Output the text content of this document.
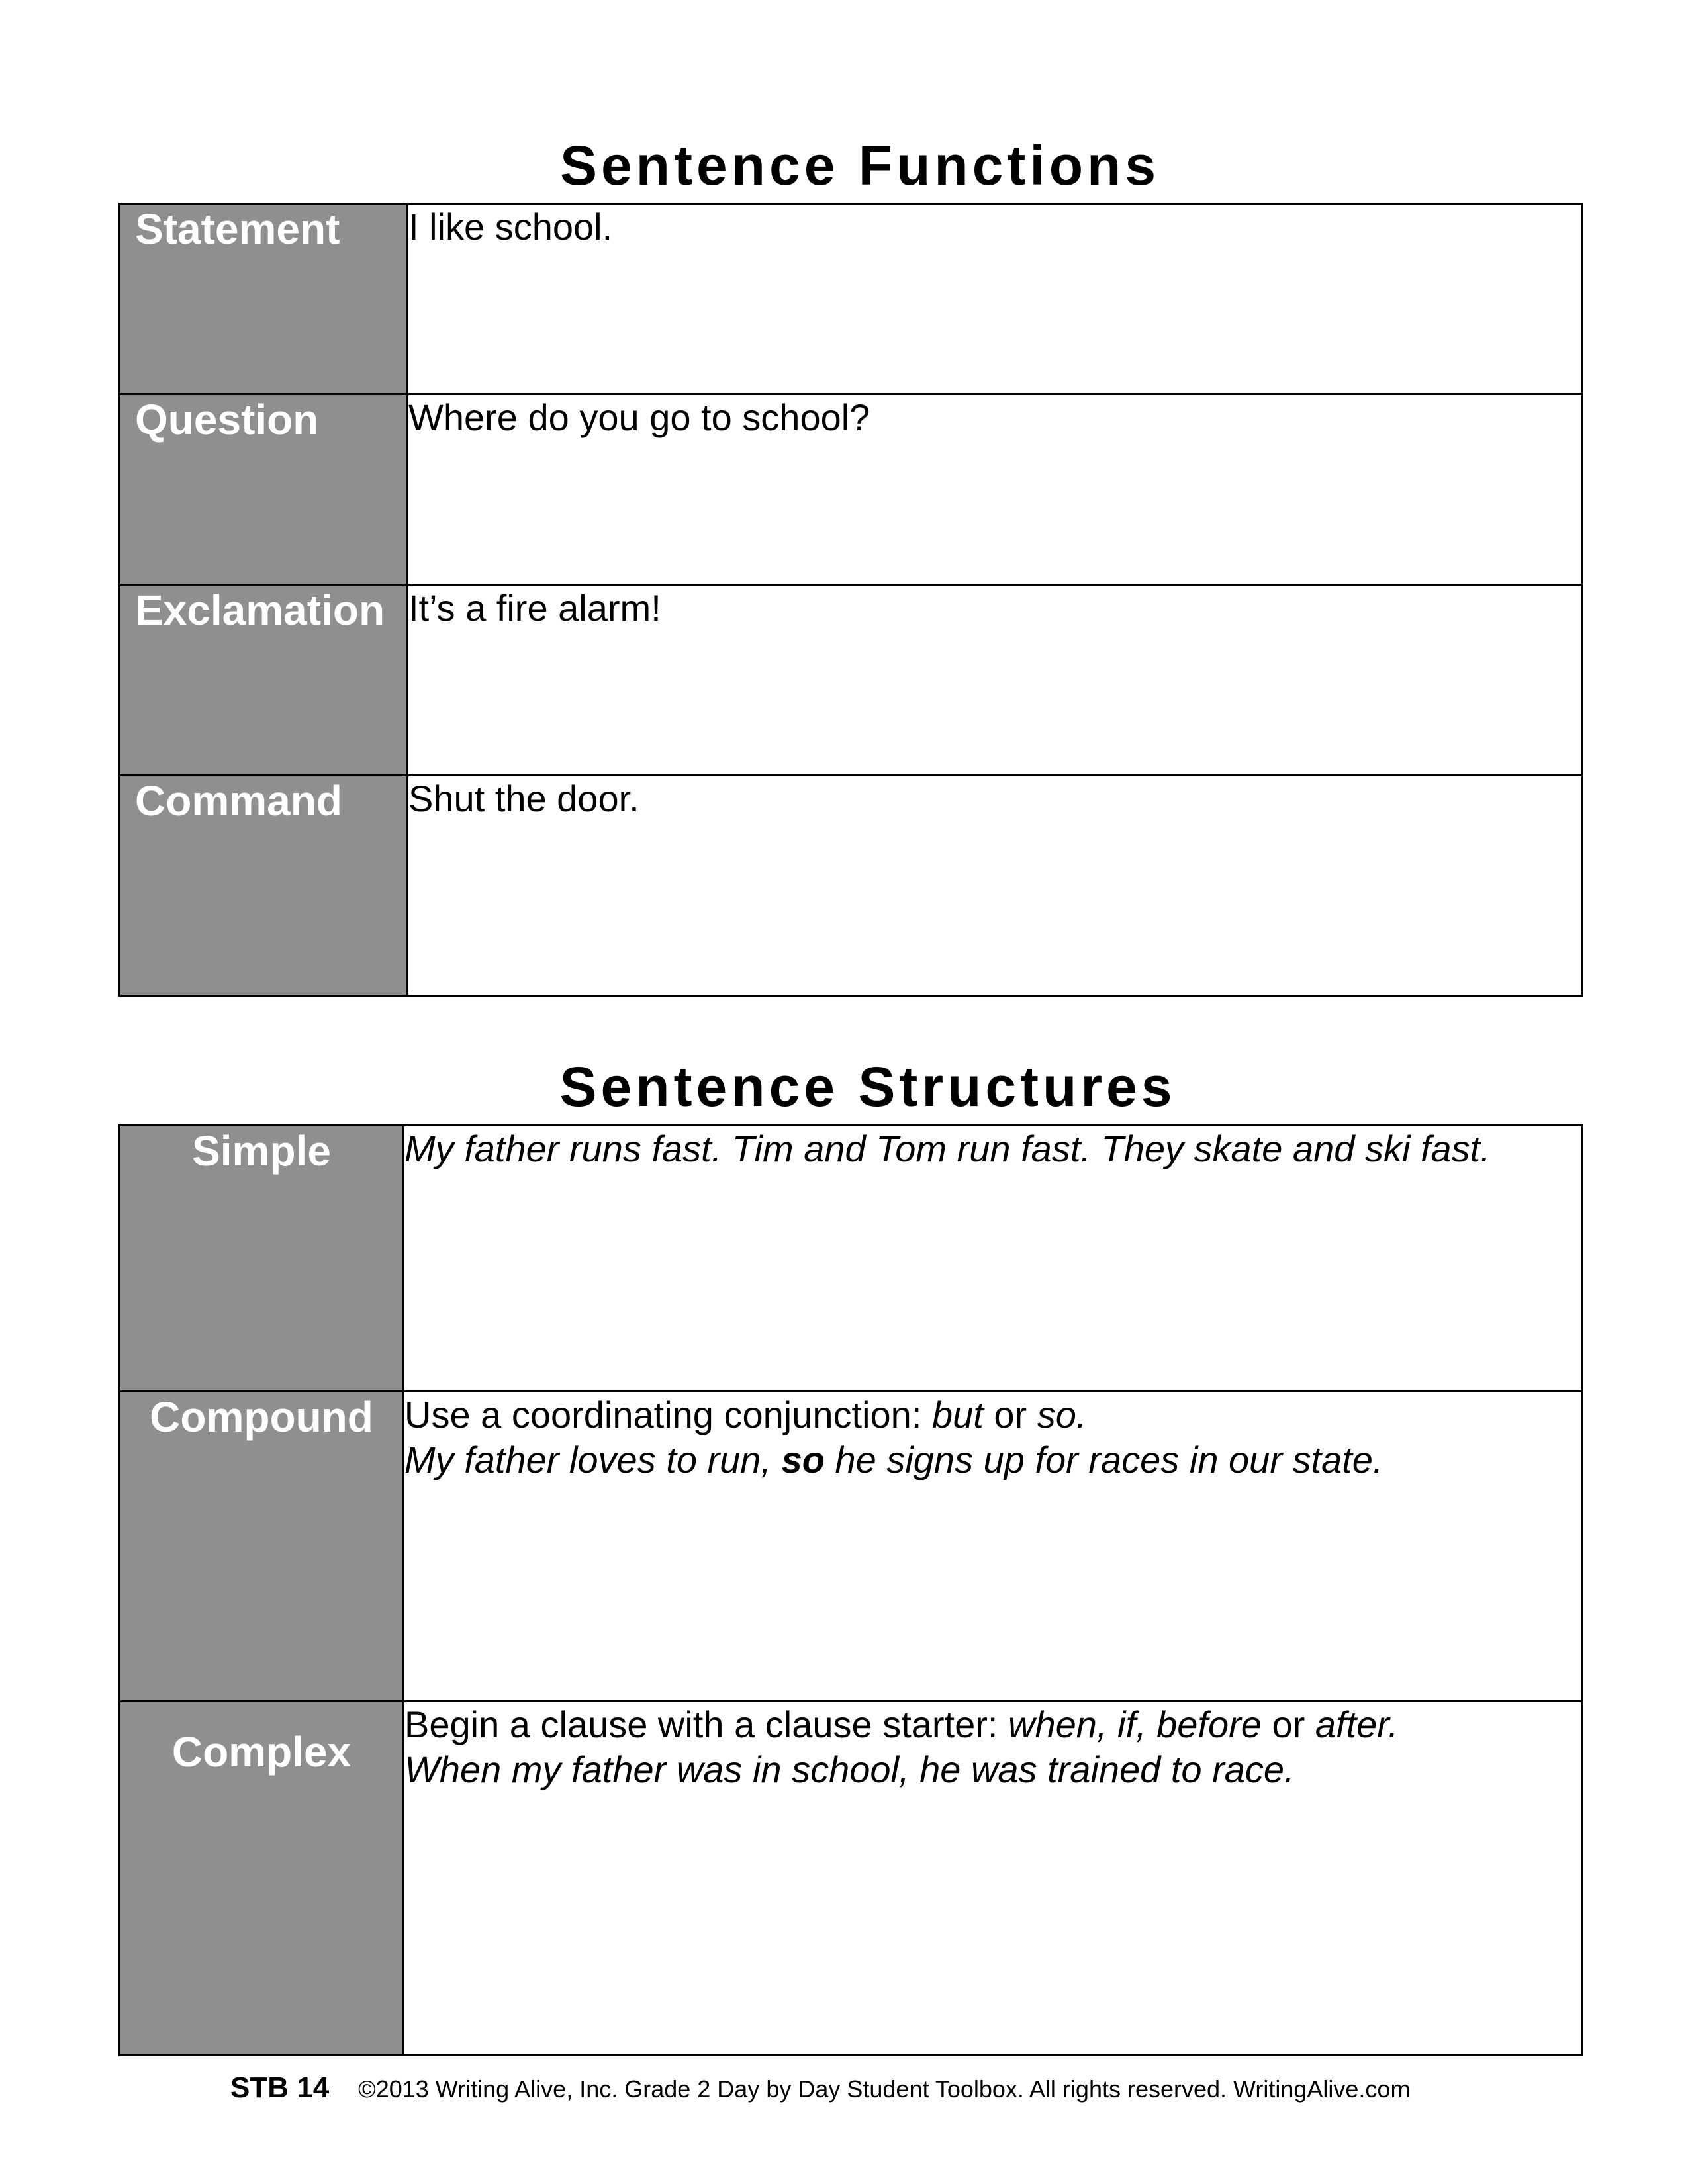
Sentence Functions
Statement	I like school.
Question	Where do you go to school?
Exclamation	It’s a fire alarm!
Command	Shut the door.
Sentence Structures
Simple	My father runs fast. Tim and Tom run fast. They skate and ski fast.
Compound	Use a coordinating conjunction: but or so.
My father loves to run, so he signs up for races in our state.

Complex	Begin a clause with a clause starter: when, if, before or after.
When my father was in school, he was trained to race.
STB 14 ©2013 Writing Alive, Inc. Grade 2 Day by Day Student Toolbox. All rights reserved. WritingAlive.com
